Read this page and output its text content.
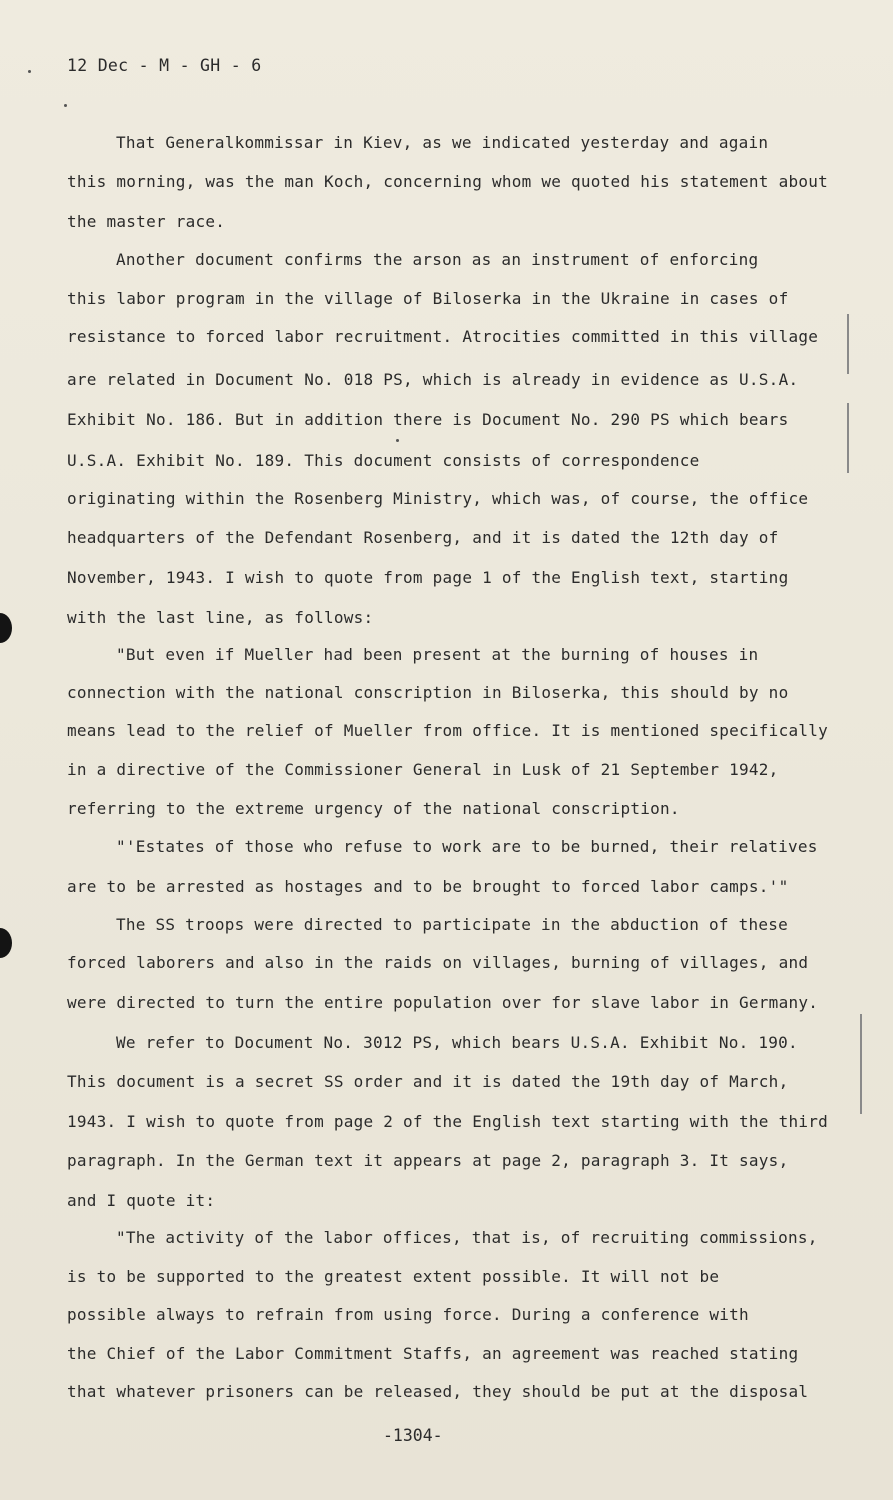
12 Dec - M - GH - 6
That Generalkommissar in Kiev, as we indicated yesterday and again
this morning, was the man Koch, concerning whom we quoted his statement about
the master race.
Another document confirms the arson as an instrument of enforcing
this labor program in the village of Biloserka in the Ukraine in cases of
resistance to forced labor recruitment. Atrocities committed in this village
are related in Document No. 018 PS, which is already in evidence as U.S.A.
Exhibit No. 186. But in addition there is Document No. 290 PS which bears
U.S.A. Exhibit No. 189. This document consists of correspondence
originating within the Rosenberg Ministry, which was, of course, the office
headquarters of the Defendant Rosenberg, and it is dated the 12th day of
November, 1943. I wish to quote from page 1 of the English text, starting
with the last line, as follows:
"But even if Mueller had been present at the burning of houses in
connection with the national conscription in Biloserka, this should by no
means lead to the relief of Mueller from office. It is mentioned specifically
in a directive of the Commissioner General in Lusk of 21 September 1942,
referring to the extreme urgency of the national conscription.
"'Estates of those who refuse to work are to be burned, their relatives
are to be arrested as hostages and to be brought to forced labor camps.'"
The SS troops were directed to participate in the abduction of these
forced laborers and also in the raids on villages, burning of villages, and
were directed to turn the entire population over for slave labor in Germany.
We refer to Document No. 3012 PS, which bears U.S.A. Exhibit No. 190.
This document is a secret SS order and it is dated the 19th day of March,
1943. I wish to quote from page 2 of the English text starting with the third
paragraph. In the German text it appears at page 2, paragraph 3. It says,
and I quote it:
"The activity of the labor offices, that is, of recruiting commissions,
is to be supported to the greatest extent possible. It will not be
possible always to refrain from using force. During a conference with
the Chief of the Labor Commitment Staffs, an agreement was reached stating
that whatever prisoners can be released, they should be put at the disposal
-1304-
